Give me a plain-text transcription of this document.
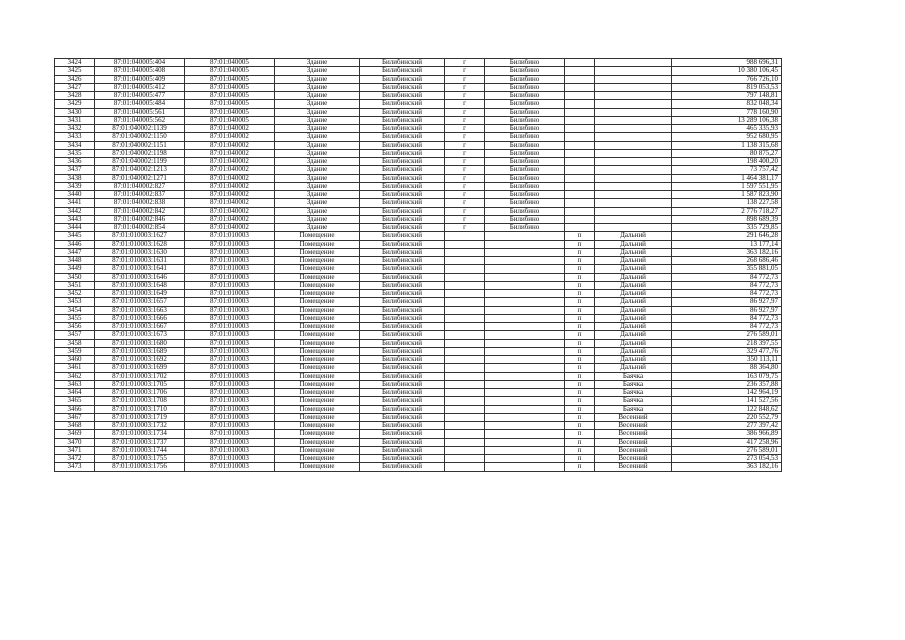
3424	87:01:040005:404	87:01:040005	Здание	Билибинский	г	Билибино			988 696,31
3425	87:01:040005:408	87:01:040005	Здание	Билибинский	г	Билибино			10 380 106,45
3426	87:01:040005:409	87:01:040005	Здание	Билибинский	г	Билибино			766 726,10
3427	87:01:040005:412	87:01:040005	Здание	Билибинский	г	Билибино			819 053,53
3428	87:01:040005:477	87:01:040005	Здание	Билибинский	г	Билибино			797 148,81
3429	87:01:040005:484	87:01:040005	Здание	Билибинский	г	Билибино			832 048,34
3430	87:01:040005:561	87:01:040005	Здание	Билибинский	г	Билибино			778 160,90
3431	87:01:040005:562	87:01:040005	Здание	Билибинский	г	Билибино			13 289 106,38
3432	87:01:040002:1139	87:01:040002	Здание	Билибинский	г	Билибино			465 335,93
3433	87:01:040002:1150	87:01:040002	Здание	Билибинский	г	Билибино			952 680,95
3434	87:01:040002:1151	87:01:040002	Здание	Билибинский	г	Билибино			1 138 315,68
3435	87:01:040002:1198	87:01:040002	Здание	Билибинский	г	Билибино			80 875,27
3436	87:01:040002:1199	87:01:040002	Здание	Билибинский	г	Билибино			198 400,20
3437	87:01:040002:1213	87:01:040002	Здание	Билибинский	г	Билибино			73 757,42
3438	87:01:040002:1271	87:01:040002	Здание	Билибинский	г	Билибино			1 464 381,17
3439	87:01:040002:827	87:01:040002	Здание	Билибинский	г	Билибино			1 597 551,95
3440	87:01:040002:837	87:01:040002	Здание	Билибинский	г	Билибино			1 587 823,90
3441	87:01:040002:838	87:01:040002	Здание	Билибинский	г	Билибино			138 227,58
3442	87:01:040002:842	87:01:040002	Здание	Билибинский	г	Билибино			2 776 718,27
3443	87:01:040002:846	87:01:040002	Здание	Билибинский	г	Билибино			898 689,39
3444	87:01:040002:854	87:01:040002	Здание	Билибинский	г	Билибино			335 729,85
3445	87:01:010003:1627	87:01:010003	Помещение	Билибинский			п	Дальний	291 646,28
3446	87:01:010003:1628	87:01:010003	Помещение	Билибинский			п	Дальний	13 177,14
3447	87:01:010003:1630	87:01:010003	Помещение	Билибинский			п	Дальний	363 182,16
3448	87:01:010003:1631	87:01:010003	Помещение	Билибинский			п	Дальний	268 686,46
3449	87:01:010003:1641	87:01:010003	Помещение	Билибинский			п	Дальний	355 881,05
3450	87:01:010003:1646	87:01:010003	Помещение	Билибинский			п	Дальний	84 772,73
3451	87:01:010003:1648	87:01:010003	Помещение	Билибинский			п	Дальний	84 772,73
3452	87:01:010003:1649	87:01:010003	Помещение	Билибинский			п	Дальний	84 772,73
3453	87:01:010003:1657	87:01:010003	Помещение	Билибинский			п	Дальний	86 927,97
3454	87:01:010003:1663	87:01:010003	Помещение	Билибинский			п	Дальний	86 927,97
3455	87:01:010003:1666	87:01:010003	Помещение	Билибинский			п	Дальний	84 772,73
3456	87:01:010003:1667	87:01:010003	Помещение	Билибинский			п	Дальний	84 772,73
3457	87:01:010003:1673	87:01:010003	Помещение	Билибинский			п	Дальний	276 589,01
3458	87:01:010003:1680	87:01:010003	Помещение	Билибинский			п	Дальний	218 397,55
3459	87:01:010003:1689	87:01:010003	Помещение	Билибинский			п	Дальний	329 477,76
3460	87:01:010003:1692	87:01:010003	Помещение	Билибинский			п	Дальний	350 113,11
3461	87:01:010003:1699	87:01:010003	Помещение	Билибинский			п	Дальний	88 364,80
3462	87:01:010003:1702	87:01:010003	Помещение	Билибинский			п	Баячка	163 079,75
3463	87:01:010003:1705	87:01:010003	Помещение	Билибинский			п	Баячка	236 357,88
3464	87:01:010003:1706	87:01:010003	Помещение	Билибинский			п	Баячка	142 964,19
3465	87:01:010003:1708	87:01:010003	Помещение	Билибинский			п	Баячка	141 527,56
3466	87:01:010003:1710	87:01:010003	Помещение	Билибинский			п	Баячка	122 848,62
3467	87:01:010003:1719	87:01:010003	Помещение	Билибинский			п	Весенний	220 552,79
3468	87:01:010003:1732	87:01:010003	Помещение	Билибинский			п	Весенний	277 397,42
3469	87:01:010003:1734	87:01:010003	Помещение	Билибинский			п	Весенний	386 966,89
3470	87:01:010003:1737	87:01:010003	Помещение	Билибинский			п	Весенний	417 258,96
3471	87:01:010003:1744	87:01:010003	Помещение	Билибинский			п	Весенний	276 589,01
3472	87:01:010003:1755	87:01:010003	Помещение	Билибинский			п	Весенний	273 054,53
3473	87:01:010003:1756	87:01:010003	Помещение	Билибинский			п	Весенний	363 182,16
